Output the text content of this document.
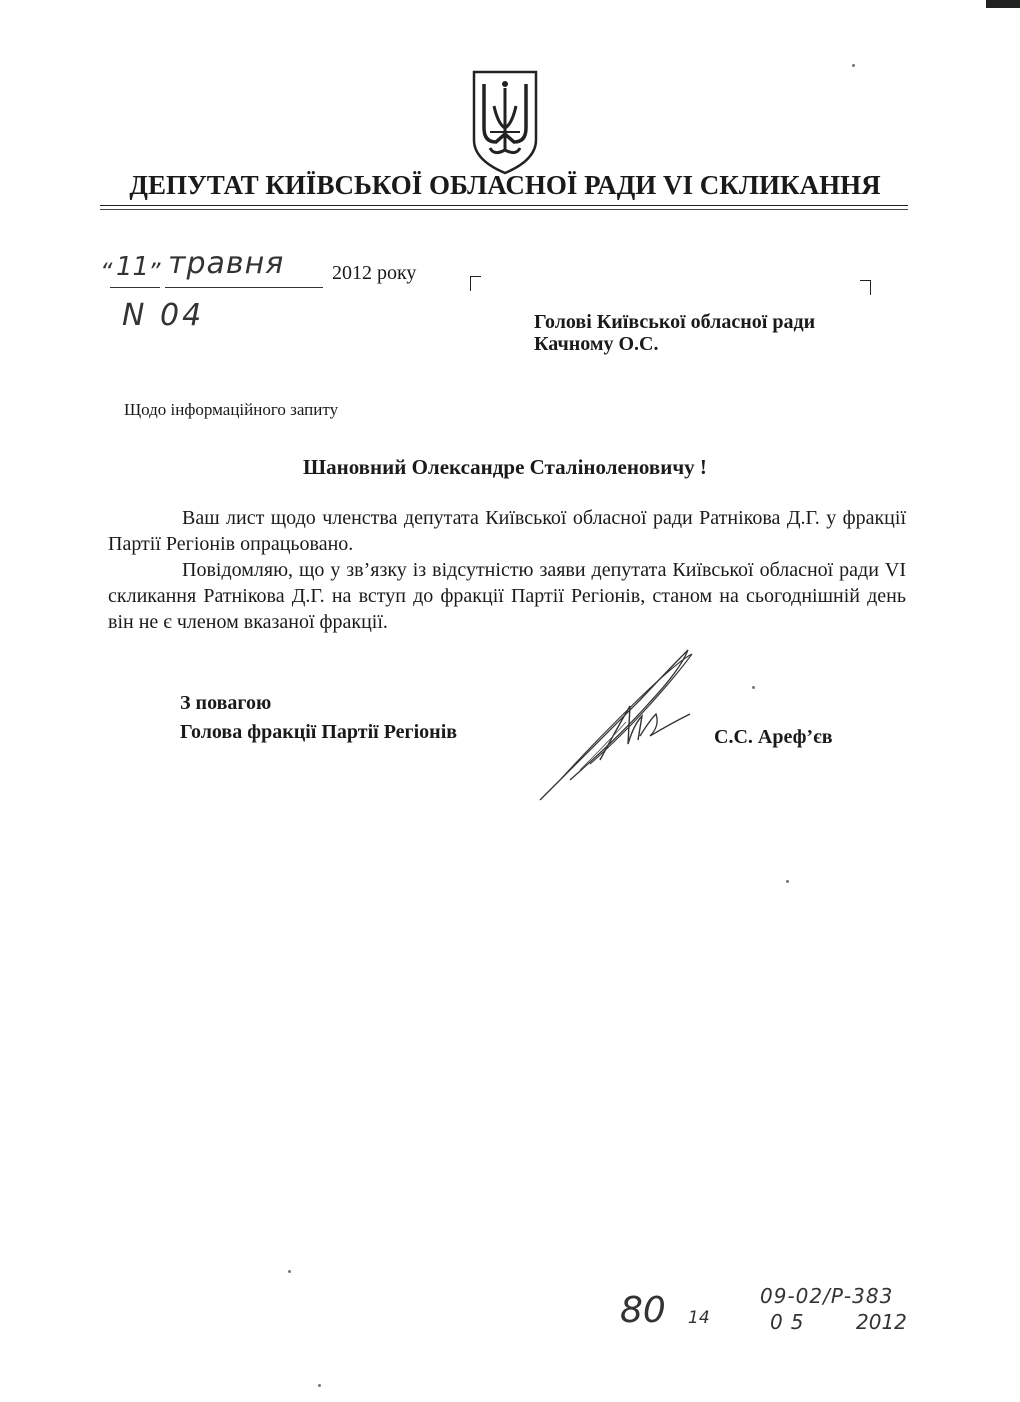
ДЕПУТАТ КИЇВСЬКОЇ ОБЛАСНОЇ РАДИ VI СКЛИКАННЯ
“ 11
” травня 2012 року
N 04	Голові Київської обласної ради
Качному О.С.
Щодо інформаційного запиту
Шановний Олександре Сталіноленовичу !

Ваш лист щодо членства депутата Київської обласної ради Ратнікова Д.Г. у фракції Партії Регіонів опрацьовано.

Повідомляю, що у зв’язку із відсутністю заяви депутата Київської обласної ради VI скликання Ратнікова Д.Г. на вступ до фракції Партії Регіонів, станом на сьогоднішній день він не є членом вказаної фракції.

З повагою
Голова фракції Партії Регіонів	С.С. Ареф’єв
80 14
09-02/Р-383
05 2012
